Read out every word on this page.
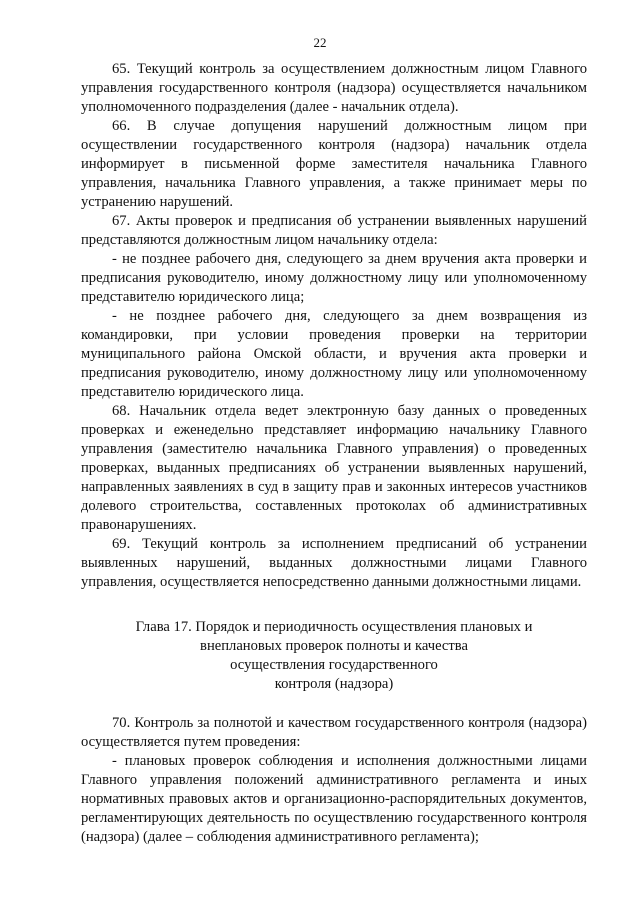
22

65. Текущий контроль за осуществлением должностным лицом Главного управления государственного контроля (надзора) осуществляется начальником уполномоченного подразделения (далее - начальник отдела).

66. В случае допущения нарушений должностным лицом при осуществлении государственного контроля (надзора) начальник отдела информирует в письменной форме заместителя начальника Главного управления, начальника Главного управления, а также принимает меры по устранению нарушений.

67. Акты проверок и предписания об устранении выявленных нарушений представляются должностным лицом начальнику отдела:

- не позднее рабочего дня, следующего за днем вручения акта проверки и предписания руководителю, иному должностному лицу или уполномоченному представителю юридического лица;

- не позднее рабочего дня, следующего за днем возвращения из командировки, при условии проведения проверки на территории муниципального района Омской области, и вручения акта проверки и предписания руководителю, иному должностному лицу или уполномоченному представителю юридического лица.

68. Начальник отдела ведет электронную базу данных о проведенных проверках и еженедельно представляет информацию начальнику Главного управления (заместителю начальника Главного управления) о проведенных проверках, выданных предписаниях об устранении выявленных нарушений, направленных заявлениях в суд в защиту прав и законных интересов участников долевого строительства, составленных протоколах об административных правонарушениях.

69. Текущий контроль за исполнением предписаний об устранении выявленных нарушений, выданных должностными лицами Главного управления, осуществляется непосредственно данными должностными лицами.

Глава 17. Порядок и периодичность осуществления плановых и
внеплановых проверок полноты и качества
осуществления государственного
контроля (надзора)

70. Контроль за полнотой и качеством государственного контроля (надзора) осуществляется путем проведения:

- плановых проверок соблюдения и исполнения должностными лицами Главного управления положений административного регламента и иных нормативных правовых актов и организационно-распорядительных документов, регламентирующих деятельность по осуществлению государственного контроля (надзора) (далее – соблюдения административного регламента);
